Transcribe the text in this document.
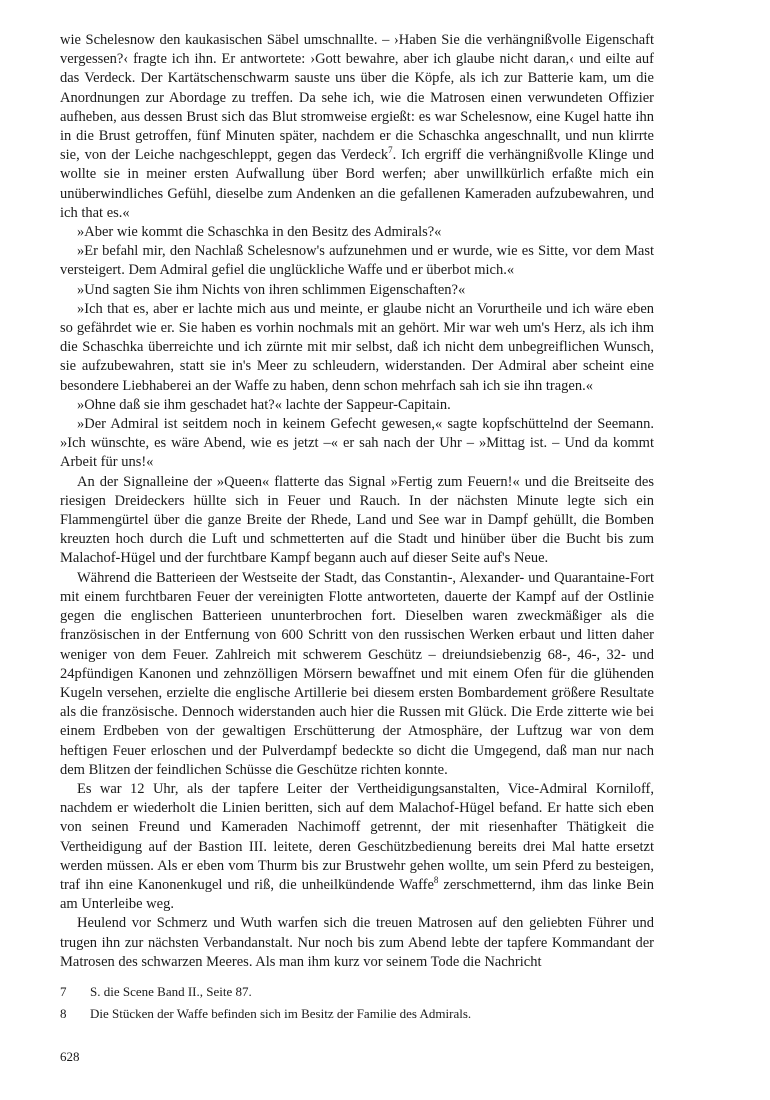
wie Schelesnow den kaukasischen Säbel umschnallte. – ›Haben Sie die verhängnißvolle Eigenschaft vergessen?‹ fragte ich ihn. Er antwortete: ›Gott bewahre, aber ich glaube nicht daran,‹ und eilte auf das Verdeck. Der Kartätschenschwarm sauste uns über die Köpfe, als ich zur Batterie kam, um die Anordnungen zur Abordage zu treffen. Da sehe ich, wie die Matrosen einen verwundeten Offizier aufheben, aus dessen Brust sich das Blut stromweise ergießt: es war Schelesnow, eine Kugel hatte ihn in die Brust getroffen, fünf Minuten später, nachdem er die Schaschka angeschnallt, und nun klirrte sie, von der Leiche nachgeschleppt, gegen das Verdeck$^7$. Ich ergriff die verhängnißvolle Klinge und wollte sie in meiner ersten Aufwallung über Bord werfen; aber unwillkürlich erfaßte mich ein unüberwindliches Gefühl, dieselbe zum Andenken an die gefallenen Kameraden aufzubewahren, und ich that es.«

»Aber wie kommt die Schaschka in den Besitz des Admirals?«

»Er befahl mir, den Nachlaß Schelesnow's aufzunehmen und er wurde, wie es Sitte, vor dem Mast versteigert. Dem Admiral gefiel die unglückliche Waffe und er überbot mich.«

»Und sagten Sie ihm Nichts von ihren schlimmen Eigenschaften?«

»Ich that es, aber er lachte mich aus und meinte, er glaube nicht an Vorurtheile und ich wäre eben so gefährdet wie er. Sie haben es vorhin nochmals mit an gehört. Mir war weh um's Herz, als ich ihm die Schaschka überreichte und ich zürnte mit mir selbst, daß ich nicht dem unbegreiflichen Wunsch, sie aufzubewahren, statt sie in's Meer zu schleudern, widerstanden. Der Admiral aber scheint eine besondere Liebhaberei an der Waffe zu haben, denn schon mehrfach sah ich sie ihn tragen.«

»Ohne daß sie ihm geschadet hat?« lachte der Sappeur-Capitain.

»Der Admiral ist seitdem noch in keinem Gefecht gewesen,« sagte kopfschüttelnd der Seemann. »Ich wünschte, es wäre Abend, wie es jetzt –« er sah nach der Uhr – »Mittag ist. – Und da kommt Arbeit für uns!«

An der Signalleine der »Queen« flatterte das Signal »Fertig zum Feuern!« und die Breitseite des riesigen Dreideckers hüllte sich in Feuer und Rauch. In der nächsten Minute legte sich ein Flammengürtel über die ganze Breite der Rhede, Land und See war in Dampf gehüllt, die Bomben kreuzten hoch durch die Luft und schmetterten auf die Stadt und hinüber über die Bucht bis zum Malachof-Hügel und der furchtbare Kampf begann auch auf dieser Seite auf's Neue.

Während die Batterieen der Westseite der Stadt, das Constantin-, Alexander- und Quarantaine-Fort mit einem furchtbaren Feuer der vereinigten Flotte antworteten, dauerte der Kampf auf der Ostlinie gegen die englischen Batterieen ununterbrochen fort. Dieselben waren zweckmäßiger als die französischen in der Entfernung von 600 Schritt von den russischen Werken erbaut und litten daher weniger von dem Feuer. Zahlreich mit schwerem Geschütz – dreiundsiebenzig 68-, 46-, 32- und 24pfündigen Kanonen und zehnzölligen Mörsern bewaffnet und mit einem Ofen für die glühenden Kugeln versehen, erzielte die englische Artillerie bei diesem ersten Bombardement größere Resultate als die französische. Dennoch widerstanden auch hier die Russen mit Glück. Die Erde zitterte wie bei einem Erdbeben von der gewaltigen Erschütterung der Atmosphäre, der Luftzug war von dem heftigen Feuer erloschen und der Pulverdampf bedeckte so dicht die Umgegend, daß man nur nach dem Blitzen der feindlichen Schüsse die Geschütze richten konnte.

Es war 12 Uhr, als der tapfere Leiter der Vertheidigungsanstalten, Vice-Admiral Korniloff, nachdem er wiederholt die Linien beritten, sich auf dem Malachof-Hügel befand. Er hatte sich eben von seinen Freund und Kameraden Nachimoff getrennt, der mit riesenhafter Thätigkeit die Vertheidigung auf der Bastion III. leitete, deren Geschützbedienung bereits drei Mal hatte ersetzt werden müssen. Als er eben vom Thurm bis zur Brustwehr gehen wollte, um sein Pferd zu besteigen, traf ihn eine Kanonenkugel und riß, die unheilkündende Waffe$^8$ zerschmetternd, ihm das linke Bein am Unterleibe weg.

Heulend vor Schmerz und Wuth warfen sich die treuen Matrosen auf den geliebten Führer und trugen ihn zur nächsten Verbandanstalt. Nur noch bis zum Abend lebte der tapfere Kommandant der Matrosen des schwarzen Meeres. Als man ihm kurz vor seinem Tode die Nachricht

7	S. die Scene Band II., Seite 87.
8	Die Stücken der Waffe befinden sich im Besitz der Familie des Admirals.
628
